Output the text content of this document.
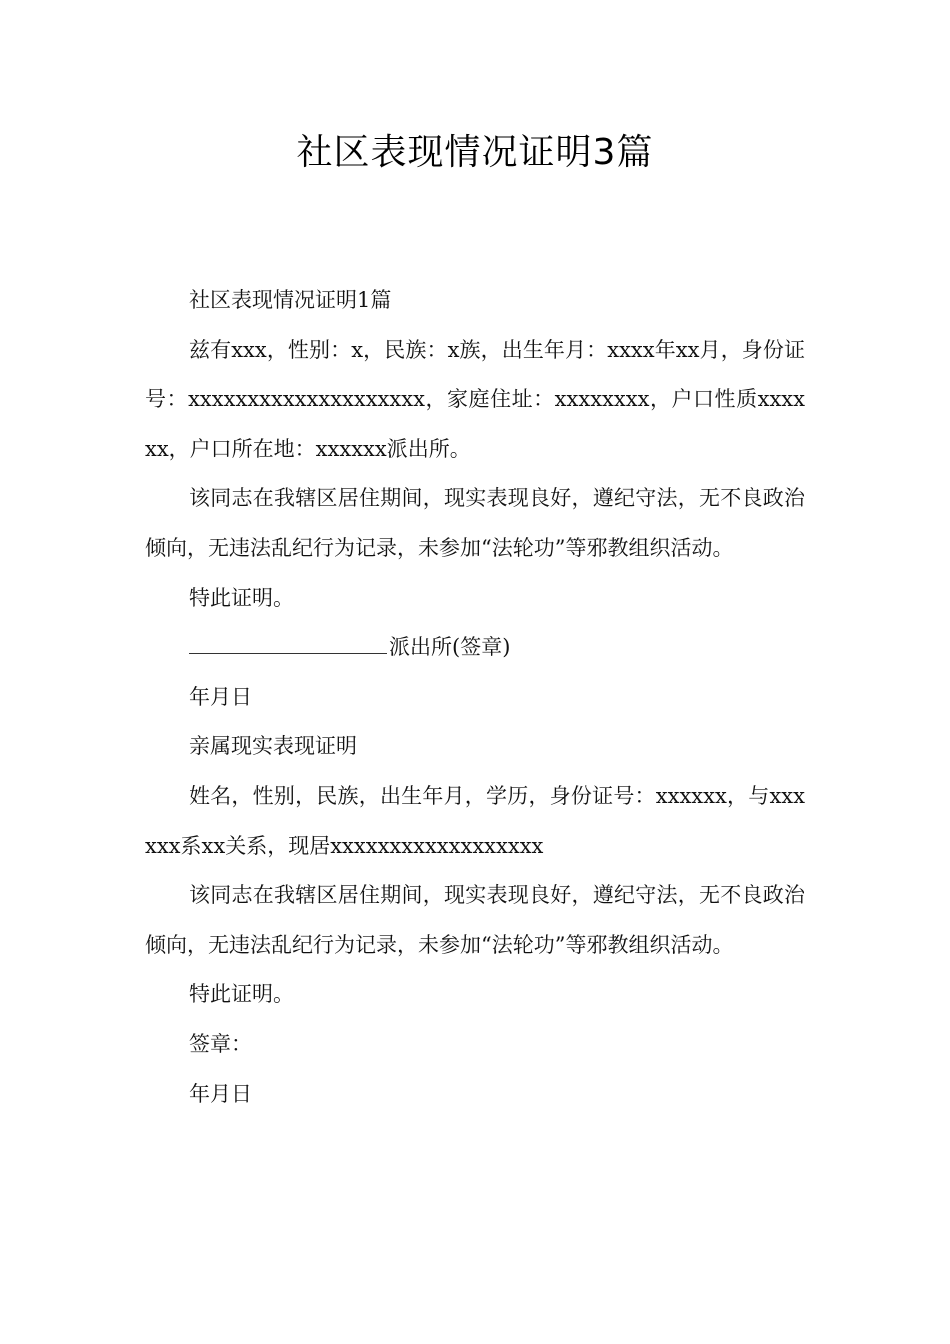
社区表现情况证明3篇

社区表现情况证明1篇

兹有xxx，性别：x，民族：x族，出生年月：xxxx年xx月，身份证号：xxxxxxxxxxxxxxxxxxxx，家庭住址：xxxxxxxx，户口性质xxxxxx，户口所在地：xxxxxx派出所。

该同志在我辖区居住期间，现实表现良好，遵纪守法，无不良政治倾向，无违法乱纪行为记录，未参加“法轮功”等邪教组织活动。

特此证明。

派出所(签章)

年月日

亲属现实表现证明

姓名，性别，民族，出生年月，学历，身份证号：xxxxxx，与xxxxxx系xx关系，现居xxxxxxxxxxxxxxxxxx

该同志在我辖区居住期间，现实表现良好，遵纪守法，无不良政治倾向，无违法乱纪行为记录，未参加“法轮功”等邪教组织活动。

特此证明。

签章：

年月日
